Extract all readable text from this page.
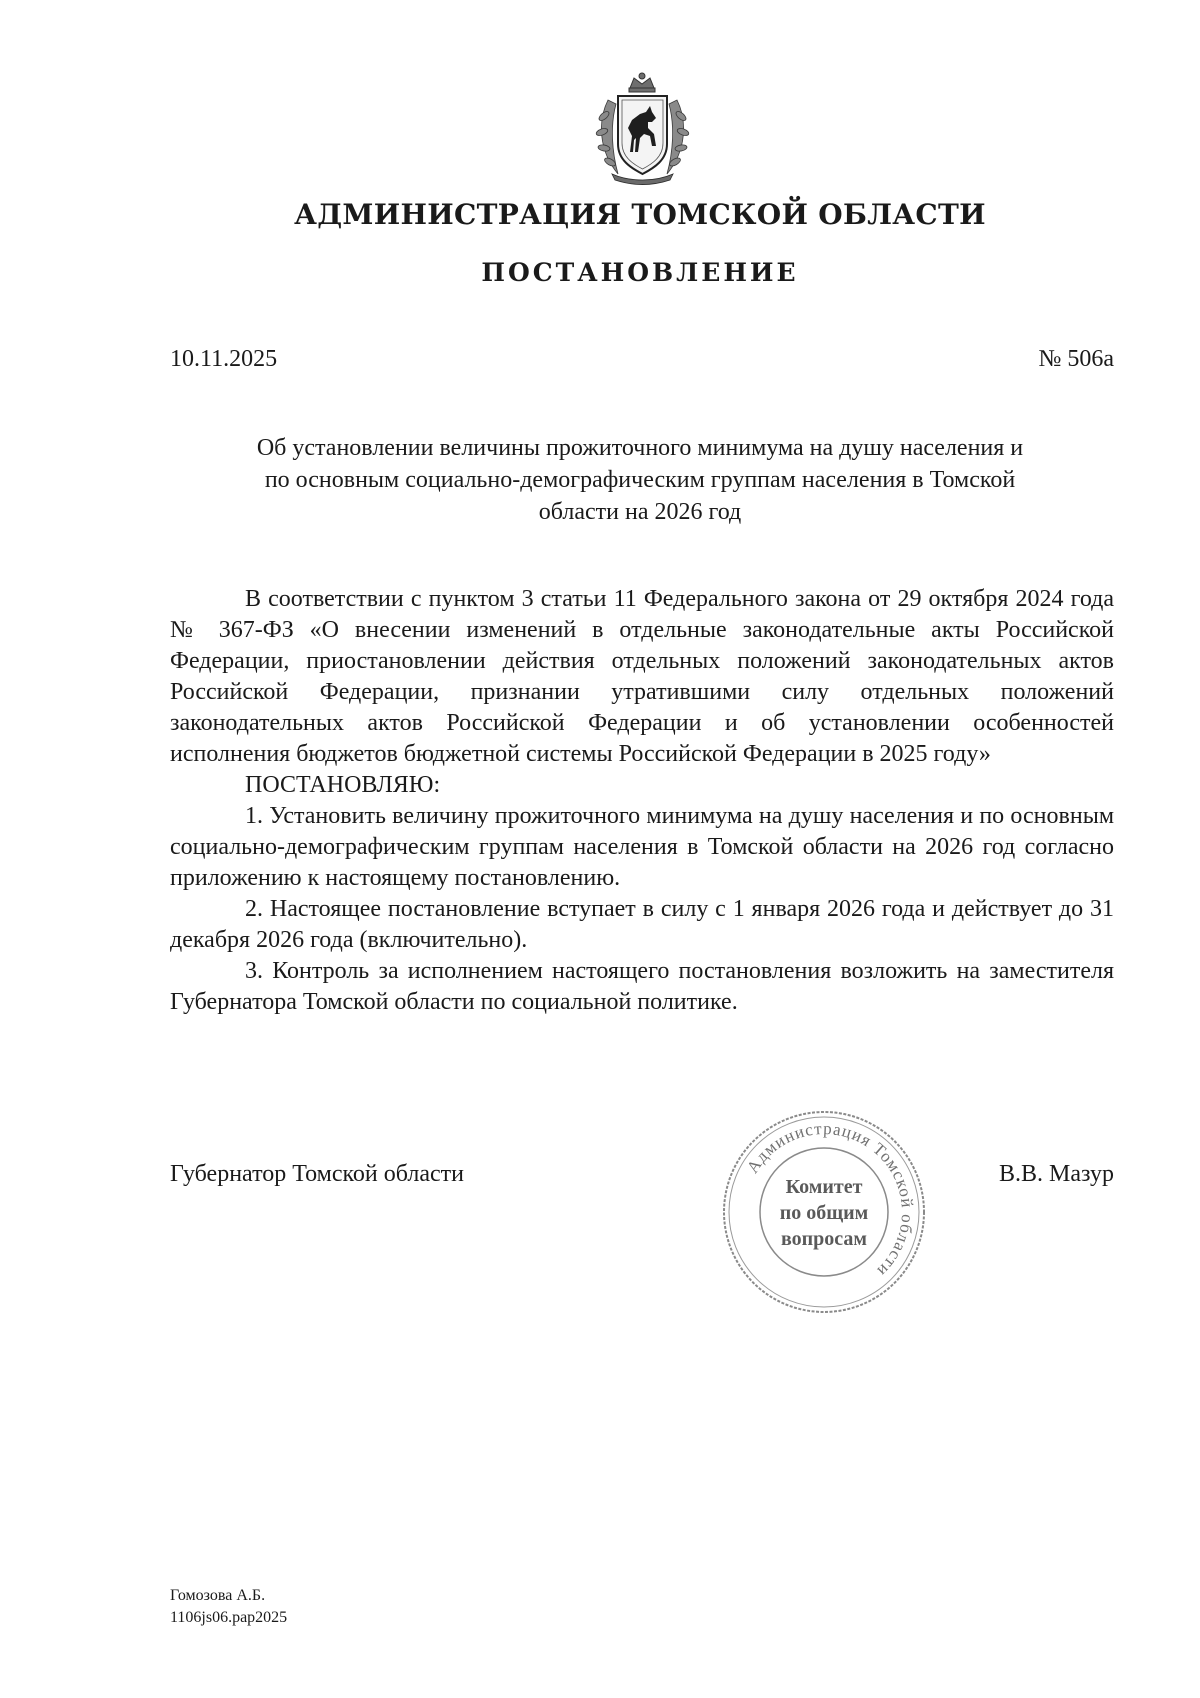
АДМИНИСТРАЦИЯ ТОМСКОЙ ОБЛАСТИ
ПОСТАНОВЛЕНИЕ
10.11.2025	№ 506а
Об установлении величины прожиточного минимума на душу населения и по основным социально-демографическим группам населения в Томской области на 2026 год

В соответствии с пунктом 3 статьи 11 Федерального закона от 29 октября 2024 года № 367-ФЗ «О внесении изменений в отдельные законодательные акты Российской Федерации, приостановлении действия отдельных положений законодательных актов Российской Федерации, признании утратившими силу отдельных положений законодательных актов Российской Федерации и об установлении особенностей исполнения бюджетов бюджетной системы Российской Федерации в 2025 году»

ПОСТАНОВЛЯЮ:

1. Установить величину прожиточного минимума на душу населения и по основным социально-демографическим группам населения в Томской области на 2026 год согласно приложению к настоящему постановлению.

2. Настоящее постановление вступает в силу с 1 января 2026 года и действует до 31 декабря 2026 года (включительно).

3. Контроль за исполнением настоящего постановления возложить на заместителя Губернатора Томской области по социальной политике.

Губернатор Томской области	Администрация Томской области
Комитет
по общим
вопросам
В.В. Мазур
Гомозова А.Б.
1106js06.pap2025
